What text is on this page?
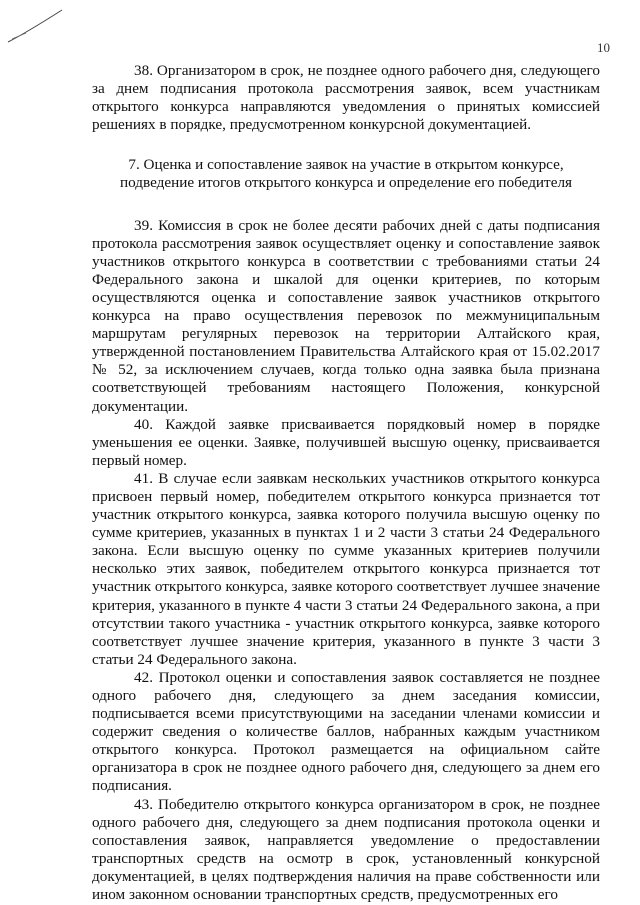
10

38. Организатором в срок, не позднее одного рабочего дня, следующего за днем подписания протокола рассмотрения заявок, всем участникам открытого конкурса направляются уведомления о принятых комиссией решениях в порядке, предусмотренном конкурсной документацией.

7. Оценка и сопоставление заявок на участие в открытом конкурсе,
подведение итогов открытого конкурса и определение его победителя

39. Комиссия в срок не более десяти рабочих дней с даты подписания протокола рассмотрения заявок осуществляет оценку и сопоставление заявок участников открытого конкурса в соответствии с требованиями статьи 24 Федерального закона и шкалой для оценки критериев, по которым осуществляются оценка и сопоставление заявок участников открытого конкурса на право осуществления перевозок по межмуниципальным маршрутам регулярных перевозок на территории Алтайского края, утвержденной постановлением Правительства Алтайского края от 15.02.2017 № 52, за исключением случаев, когда только одна заявка была признана соответствующей требованиям настоящего Положения, конкурсной документации.

40. Каждой заявке присваивается порядковый номер в порядке уменьшения ее оценки. Заявке, получившей высшую оценку, присваивается первый номер.

41. В случае если заявкам нескольких участников открытого конкурса присвоен первый номер, победителем открытого конкурса признается тот участник открытого конкурса, заявка которого получила высшую оценку по сумме критериев, указанных в пунктах 1 и 2 части 3 статьи 24 Федерального закона. Если высшую оценку по сумме указанных критериев получили несколько этих заявок, победителем открытого конкурса признается тот участник открытого конкурса, заявке которого соответствует лучшее значение критерия, указанного в пункте 4 части 3 статьи 24 Федерального закона, а при отсутствии такого участника - участник открытого конкурса, заявке которого соответствует лучшее значение критерия, указанного в пункте 3 части 3 статьи 24 Федерального закона.

42. Протокол оценки и сопоставления заявок составляется не позднее одного рабочего дня, следующего за днем заседания комиссии, подписывается всеми присутствующими на заседании членами комиссии и содержит сведения о количестве баллов, набранных каждым участником открытого конкурса. Протокол размещается на официальном сайте организатора в срок не позднее одного рабочего дня, следующего за днем его подписания.

43. Победителю открытого конкурса организатором в срок, не позднее одного рабочего дня, следующего за днем подписания протокола оценки и сопоставления заявок, направляется уведомление о предоставлении транспортных средств на осмотр в срок, установленный конкурсной документацией, в целях подтверждения наличия на праве собственности или ином законном основании транспортных средств, предусмотренных его
